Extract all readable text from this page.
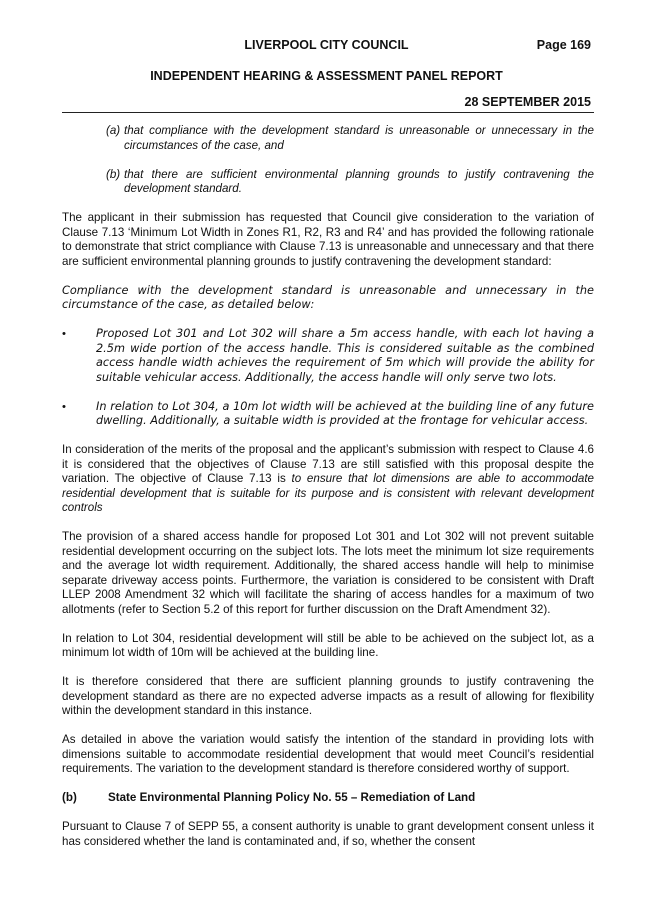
LIVERPOOL CITY COUNCIL	Page 169
INDEPENDENT HEARING & ASSESSMENT PANEL REPORT
28 SEPTEMBER 2015

(a) that compliance with the development standard is unreasonable or unnecessary in the circumstances of the case, and

(b) that there are sufficient environmental planning grounds to justify contravening the development standard.

The applicant in their submission has requested that Council give consideration to the variation of Clause 7.13 ‘Minimum Lot Width in Zones R1, R2, R3 and R4’ and has provided the following rationale to demonstrate that strict compliance with Clause 7.13 is unreasonable and unnecessary and that there are sufficient environmental planning grounds to justify contravening the development standard:

Compliance with the development standard is unreasonable and unnecessary in the circumstance of the case, as detailed below:

•	Proposed Lot 301 and Lot 302 will share a 5m access handle, with each lot having a 2.5m wide portion of the access handle. This is considered suitable as the combined access handle width achieves the requirement of 5m which will provide the ability for suitable vehicular access. Additionally, the access handle will only serve two lots.

•	In relation to Lot 304, a 10m lot width will be achieved at the building line of any future dwelling. Additionally, a suitable width is provided at the frontage for vehicular access.

In consideration of the merits of the proposal and the applicant’s submission with respect to Clause 4.6 it is considered that the objectives of Clause 7.13 are still satisfied with this proposal despite the variation. The objective of Clause 7.13 is to ensure that lot dimensions are able to accommodate residential development that is suitable for its purpose and is consistent with relevant development controls

The provision of a shared access handle for proposed Lot 301 and Lot 302 will not prevent suitable residential development occurring on the subject lots. The lots meet the minimum lot size requirements and the average lot width requirement. Additionally, the shared access handle will help to minimise separate driveway access points. Furthermore, the variation is considered to be consistent with Draft LLEP 2008 Amendment 32 which will facilitate the sharing of access handles for a maximum of two allotments (refer to Section 5.2 of this report for further discussion on the Draft Amendment 32).

In relation to Lot 304, residential development will still be able to be achieved on the subject lot, as a minimum lot width of 10m will be achieved at the building line.

It is therefore considered that there are sufficient planning grounds to justify contravening the development standard as there are no expected adverse impacts as a result of allowing for flexibility within the development standard in this instance.

As detailed in above the variation would satisfy the intention of the standard in providing lots with dimensions suitable to accommodate residential development that would meet Council’s residential requirements. The variation to the development standard is therefore considered worthy of support.

(b)	State Environmental Planning Policy No. 55 – Remediation of Land

Pursuant to Clause 7 of SEPP 55, a consent authority is unable to grant development consent unless it has considered whether the land is contaminated and, if so, whether the consent
